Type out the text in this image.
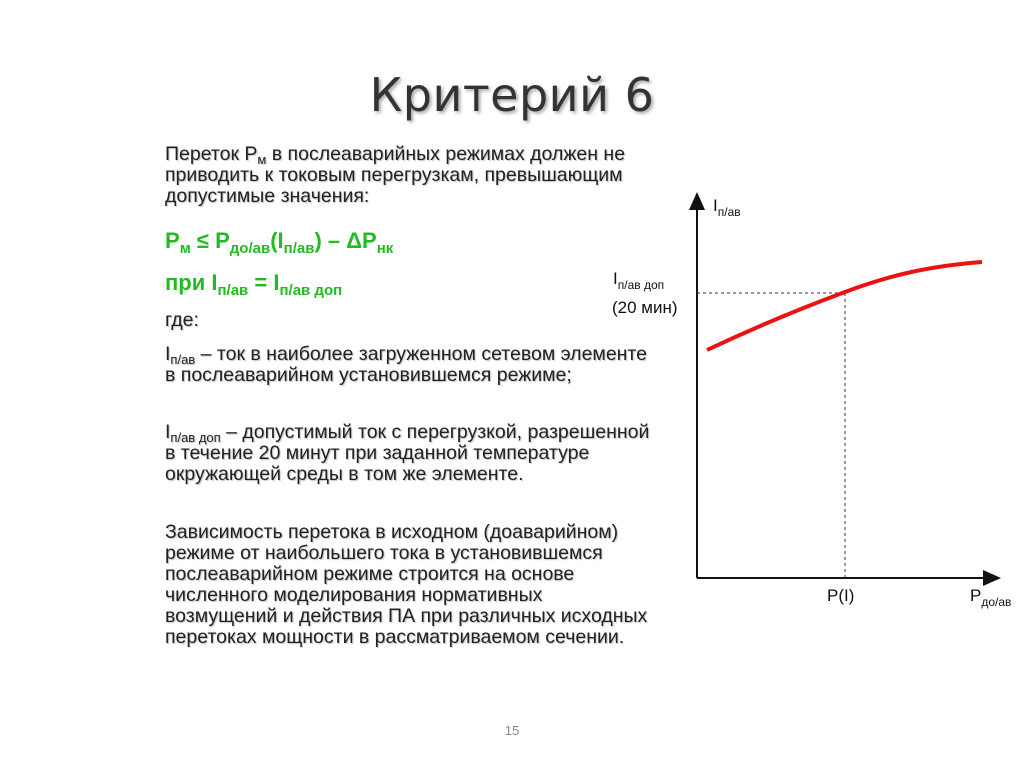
Критерий 6
Переток $P_м$ в послеаварийных режимах должен не приводить к токовым перегрузкам, превышающим допустимые значения:
$P_м \le P_{до/ав}(I_{п/ав}) - \Delta P_{нк}$
при $I_{п/ав} = I_{п/ав доп}$
где:
$I_{п/ав}$ – ток в наиболее загруженном сетевом элементе в послеаварийном установившемся режиме;
$I_{п/ав доп}$ – допустимый ток с перегрузкой, разрешенной в течение 20 минут при заданной температуре окружающей среды в том же элементе.
Зависимость перетока в исходном (доаварийном) режиме от наибольшего тока в установившемся послеаварийном режиме строится на основе численного моделирования нормативных возмущений и действия ПА при различных исходных перетоках мощности в рассматриваемом сечении.
$I_{п/ав}$
$I_{п/ав доп}$
(20 мин)
P(I)	$P_{до/ав}$
15
